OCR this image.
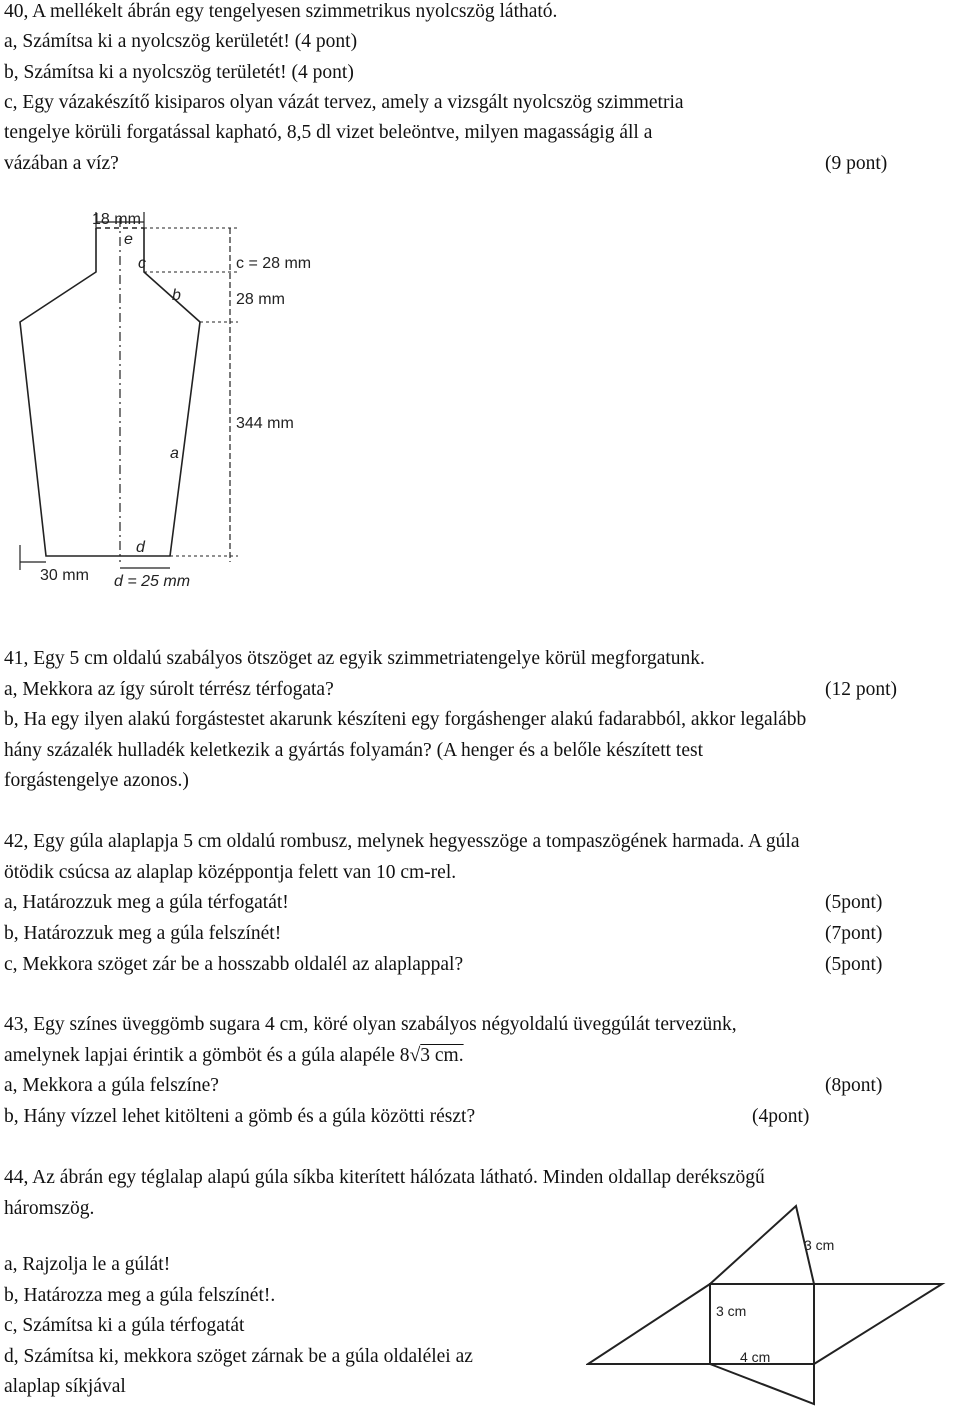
40, A mellékelt ábrán egy tengelyesen szimmetrikus nyolcszög látható.
a, Számítsa ki a nyolcszög kerületét! (4 pont)
b, Számítsa ki a nyolcszög területét! (4 pont)
c, Egy vázakészítő kisiparos olyan vázát tervez, amely a vizsgált nyolcszög szimmetria
tengelye körüli forgatással kapható, 8,5 dl vizet beleöntve, milyen magasságig áll a
vázában a víz?	(9 pont)
18 mm
e
c	c = 28 mm
b	28 mm
a
344 mm
d
30 mm d = 25 mm
41, Egy 5 cm oldalú szabályos ötszöget az egyik szimmetriatengelye körül megforgatunk.
a, Mekkora az így súrolt térrész térfogata?	(12 pont)
b, Ha egy ilyen alakú forgástestet akarunk készíteni egy forgáshenger alakú fadarabból, akkor legalább
hány százalék hulladék keletkezik a gyártás folyamán? (A henger és a belőle készített test
forgástengelye azonos.)
42, Egy gúla alaplapja 5 cm oldalú rombusz, melynek hegyesszöge a tompaszögének harmada. A gúla
ötödik csúcsa az alaplap középpontja felett van 10 cm-rel.
a, Határozzuk meg a gúla térfogatát!	(5pont)
b, Határozzuk meg a gúla felszínét!	(7pont)
c, Mekkora szöget zár be a hosszabb oldalél az alaplappal?	(5pont)
43, Egy színes üveggömb sugara 4 cm, köré olyan szabályos négyoldalú üveggúlát tervezünk,
amelynek lapjai érintik a gömböt és a gúla alapéle 8√3 cm.
a, Mekkora a gúla felszíne?	(8pont)
b, Hány vízzel lehet kitölteni a gömb és a gúla közötti részt?	(4pont)
44, Az ábrán egy téglalap alapú gúla síkba kiterített hálózata látható. Minden oldallap derékszögű
háromszög.
a, Rajzolja le a gúlát!
b, Határozza meg a gúla felszínét!.
c, Számítsa ki a gúla térfogatát
d, Számítsa ki, mekkora szöget zárnak be a gúla oldalélei az
alaplap síkjával
3 cm
3 cm
4 cm
